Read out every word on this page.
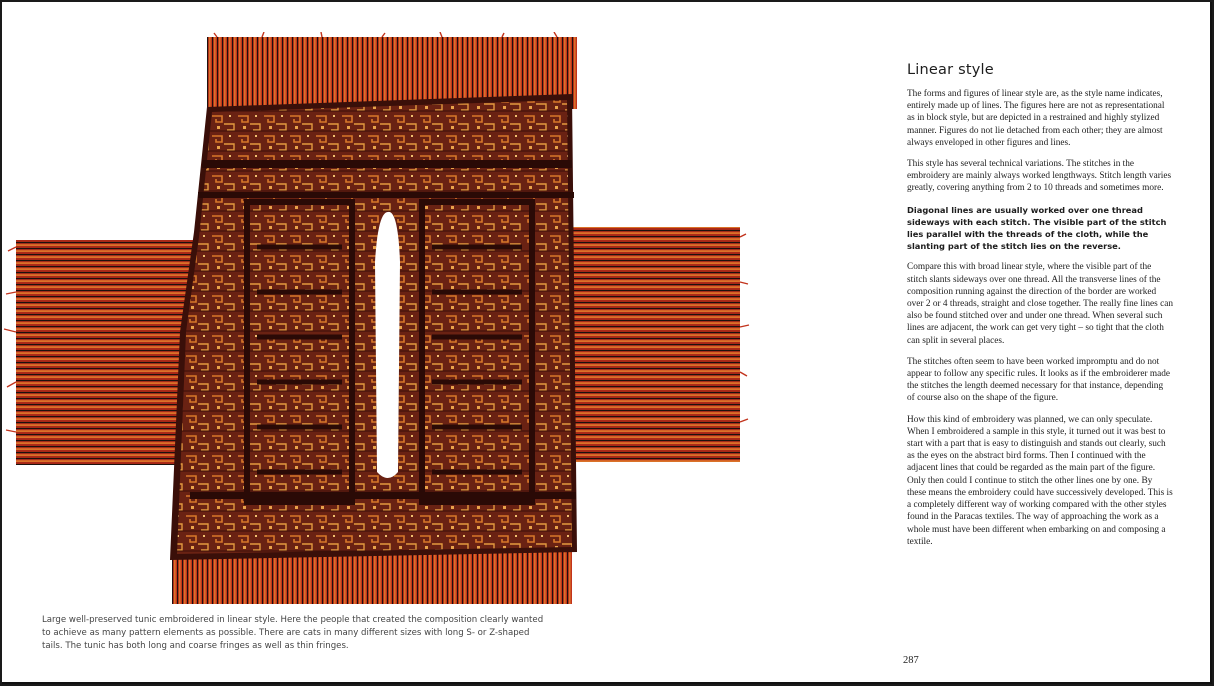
Large well-preserved tunic embroidered in linear style. Here the people that created the composition clearly wanted to achieve as many pattern elements as possible. There are cats in many different sizes with long S- or Z-shaped tails. The tunic has both long and coarse fringes as well as thin fringes.
Linear style

The forms and figures of linear style are, as the style name indicates, entirely made up of lines. The figures here are not as representational as in block style, but are depicted in a restrained and highly stylized manner. Figures do not lie detached from each other; they are almost always enveloped in other figures and lines.

This style has several technical variations. The stitches in the embroidery are mainly always worked lengthways. Stitch length varies greatly, covering anything from 2 to 10 threads and sometimes more.

Diagonal lines are usually worked over one thread sideways with each stitch. The visible part of the stitch lies parallel with the threads of the cloth, while the slanting part of the stitch lies on the reverse.

Compare this with broad linear style, where the visible part of the stitch slants sideways over one thread. All the transverse lines of the composition running against the direction of the border are worked over 2 or 4 threads, straight and close together. The really fine lines can also be found stitched over and under one thread. When several such lines are adjacent, the work can get very tight – so tight that the cloth can split in several places.

The stitches often seem to have been worked impromptu and do not appear to follow any specific rules. It looks as if the embroiderer made the stitches the length deemed necessary for that instance, depending of course also on the shape of the figure.

How this kind of embroidery was planned, we can only speculate. When I embroidered a sample in this style, it turned out it was best to start with a part that is easy to distinguish and stands out clearly, such as the eyes on the abstract bird forms. Then I continued with the adjacent lines that could be regarded as the main part of the figure. Only then could I continue to stitch the other lines one by one. By these means the embroidery could have successively developed. This is a completely different way of working compared with the other styles found in the Paracas textiles. The way of approaching the work as a whole must have been different when embarking on and composing a textile.

287
